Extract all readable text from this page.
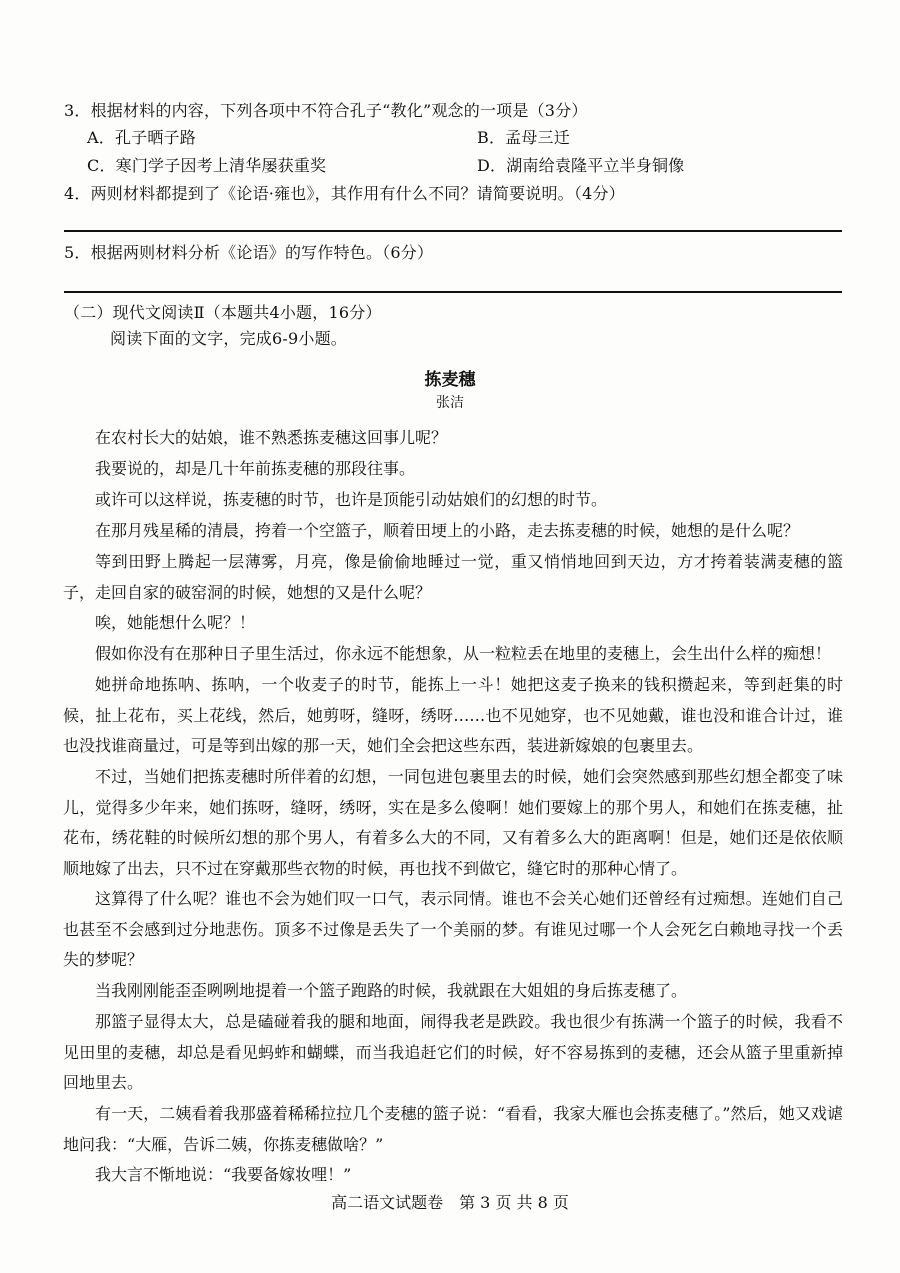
3．根据材料的内容，下列各项中不符合孔子“教化”观念的一项是（3分）
A．孔子晒子路	B．孟母三迁
C．寒门学子因考上清华屡获重奖	D．湖南给袁隆平立半身铜像
4．两则材料都提到了《论语·雍也》，其作用有什么不同？请简要说明。（4分）
5．根据两则材料分析《论语》的写作特色。（6分）
（二）现代文阅读Ⅱ（本题共4小题，16分）
阅读下面的文字，完成6-9小题。
拣麦穗
张洁

在农村长大的姑娘，谁不熟悉拣麦穗这回事儿呢？

我要说的，却是几十年前拣麦穗的那段往事。

或许可以这样说，拣麦穗的时节，也许是顶能引动姑娘们的幻想的时节。

在那月残星稀的清晨，挎着一个空篮子，顺着田埂上的小路，走去拣麦穗的时候，她想的是什么呢？

等到田野上腾起一层薄雾，月亮，像是偷偷地睡过一觉，重又悄悄地回到天边，方才挎着装满麦穗的篮子，走回自家的破窑洞的时候，她想的又是什么呢？

唉，她能想什么呢？！

假如你没有在那种日子里生活过，你永远不能想象，从一粒粒丢在地里的麦穗上，会生出什么样的痴想！

她拼命地拣呐、拣呐，一个收麦子的时节，能拣上一斗！她把这麦子换来的钱积攒起来，等到赶集的时候，扯上花布，买上花线，然后，她剪呀，缝呀，绣呀……也不见她穿，也不见她戴，谁也没和谁合计过，谁也没找谁商量过，可是等到出嫁的那一天，她们全会把这些东西，装进新嫁娘的包裹里去。

不过，当她们把拣麦穗时所伴着的幻想，一同包进包裹里去的时候，她们会突然感到那些幻想全都变了味儿，觉得多少年来，她们拣呀，缝呀，绣呀，实在是多么傻啊！她们要嫁上的那个男人，和她们在拣麦穗，扯花布，绣花鞋的时候所幻想的那个男人，有着多么大的不同，又有着多么大的距离啊！但是，她们还是依依顺顺地嫁了出去，只不过在穿戴那些衣物的时候，再也找不到做它，缝它时的那种心情了。

这算得了什么呢？谁也不会为她们叹一口气，表示同情。谁也不会关心她们还曾经有过痴想。连她们自己也甚至不会感到过分地悲伤。顶多不过像是丢失了一个美丽的梦。有谁见过哪一个人会死乞白赖地寻找一个丢失的梦呢？

当我刚刚能歪歪咧咧地提着一个篮子跑路的时候，我就跟在大姐姐的身后拣麦穗了。

那篮子显得太大，总是磕碰着我的腿和地面，闹得我老是跌跤。我也很少有拣满一个篮子的时候，我看不见田里的麦穗，却总是看见蚂蚱和蝴蝶，而当我追赶它们的时候，好不容易拣到的麦穗，还会从篮子里重新掉回地里去。

有一天，二姨看着我那盛着稀稀拉拉几个麦穗的篮子说：“看看，我家大雁也会拣麦穗了。”然后，她又戏谑地问我：“大雁，告诉二姨，你拣麦穗做啥？”

我大言不惭地说：“我要备嫁妆哩！”

高二语文试题卷　第 3 页 共 8 页
